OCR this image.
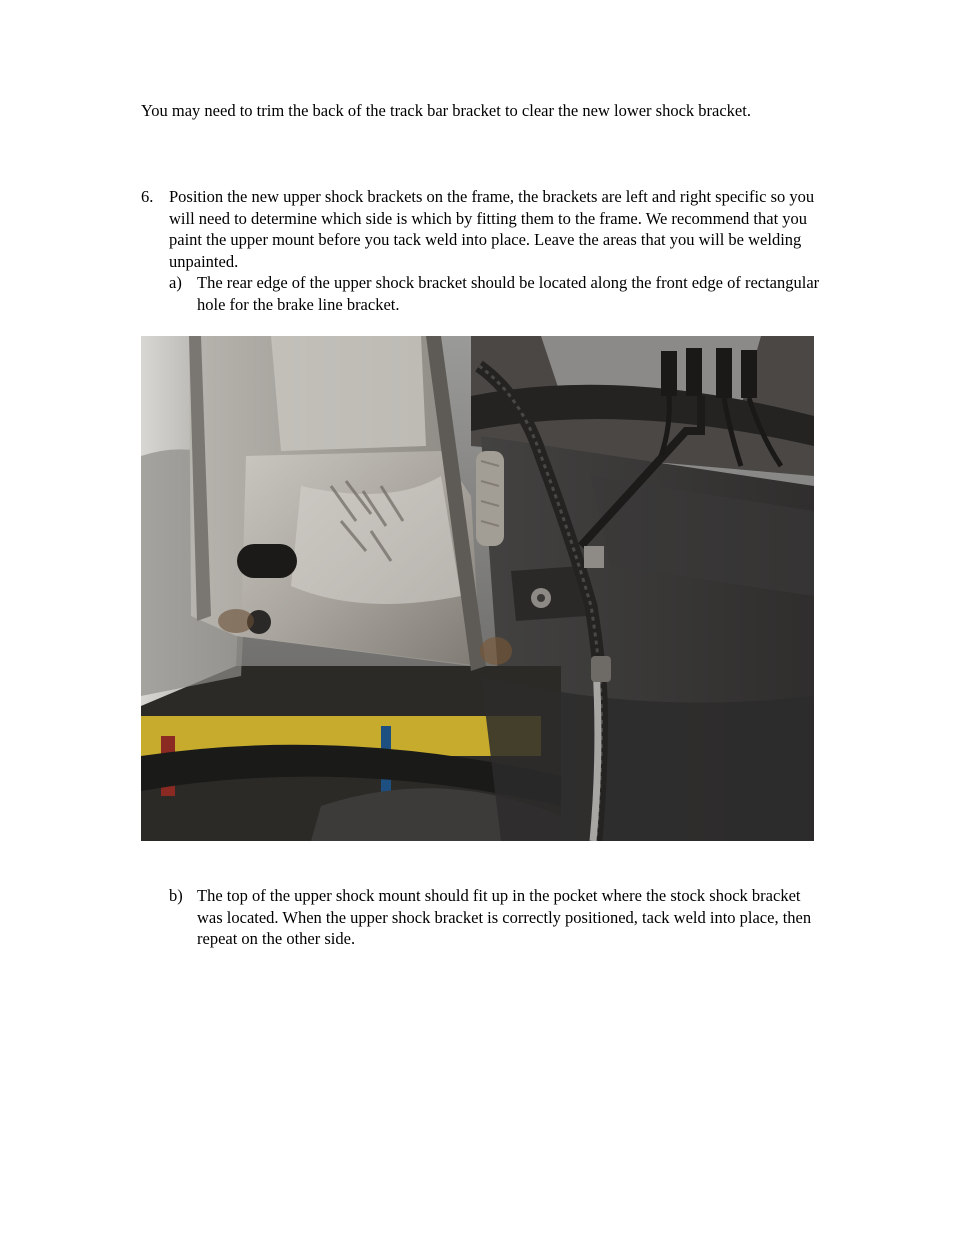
You may need to trim the back of the track bar bracket to clear the new lower shock bracket.

6. Position the new upper shock brackets on the frame, the brackets are left and right specific so you will need to determine which side is which by fitting them to the frame. We recommend that you paint the upper mount before you tack weld into place. Leave the areas that you will be welding unpainted.
a) The rear edge of the upper shock bracket should be located along the front edge of rectangular hole for the brake line bracket.
b) The top of the upper shock mount should fit up in the pocket where the stock shock bracket was located. When the upper shock bracket is correctly positioned, tack weld into place, then repeat on the other side.
